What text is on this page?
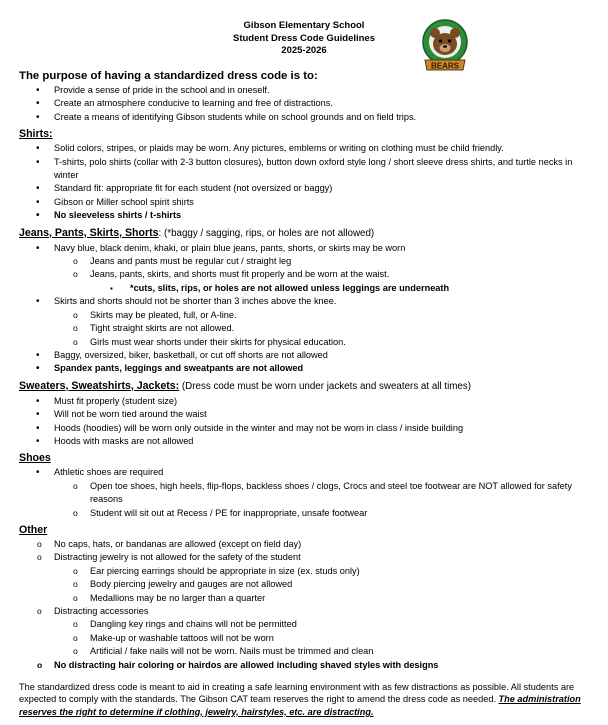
Gibson Elementary School
Student Dress Code Guidelines
2025-2026
BEARS
The purpose of having a standardized dress code is to:
• Provide a sense of pride in the school and in oneself.
• Create an atmosphere conducive to learning and free of distractions.
• Create a means of identifying Gibson students while on school grounds and on field trips.
Shirts:
• Solid colors, stripes, or plaids may be worn. Any pictures, emblems or writing on clothing must be child friendly.
• T-shirts, polo shirts (collar with 2-3 button closures), button down oxford style long / short sleeve dress shirts, and turtle necks in winter
• Standard fit: appropriate fit for each student (not oversized or baggy)
• Gibson or Miller school spirit shirts
• No sleeveless shirts / t-shirts
Jeans, Pants, Skirts, Shorts: (*baggy / sagging, rips, or holes are not allowed)
• Navy blue, black denim, khaki, or plain blue jeans, pants, shorts, or skirts may be worn
o Jeans and pants must be regular cut / straight leg
o Jeans, pants, skirts, and shorts must fit properly and be worn at the waist.
▪ *cuts, slits, rips, or holes are not allowed unless leggings are underneath
• Skirts and shorts should not be shorter than 3 inches above the knee.
o Skirts may be pleated, full, or A-line.
o Tight straight skirts are not allowed.
o Girls must wear shorts under their skirts for physical education.
• Baggy, oversized, biker, basketball, or cut off shorts are not allowed
• Spandex pants, leggings and sweatpants are not allowed
Sweaters, Sweatshirts, Jackets: (Dress code must be worn under jackets and sweaters at all times)
• Must fit properly (student size)
• Will not be worn tied around the waist
• Hoods (hoodies) will be worn only outside in the winter and may not be worn in class / inside building
• Hoods with masks are not allowed
Shoes
• Athletic shoes are required
o Open toe shoes, high heels, flip-flops, backless shoes / clogs, Crocs and steel toe footwear are NOT allowed for safety reasons
o Student will sit out at Recess / PE for inappropriate, unsafe footwear
Other
o No caps, hats, or bandanas are allowed (except on field day)
o Distracting jewelry is not allowed for the safety of the student
o Ear piercing earrings should be appropriate in size (ex. studs only)
o Body piercing jewelry and gauges are not allowed
o Medallions may be no larger than a quarter
o Distracting accessories
o Dangling key rings and chains will not be permitted
o Make-up or washable tattoos will not be worn
o Artificial / fake nails will not be worn. Nails must be trimmed and clean
o No distracting hair coloring or hairdos are allowed including shaved styles with designs
The standardized dress code is meant to aid in creating a safe learning environment with as few distractions as possible. All students are expected to comply with the standards. The Gibson CAT team reserves the right to amend the dress code as needed. The administration reserves the right to determine if clothing, jewelry, hairstyles, etc. are distracting.
